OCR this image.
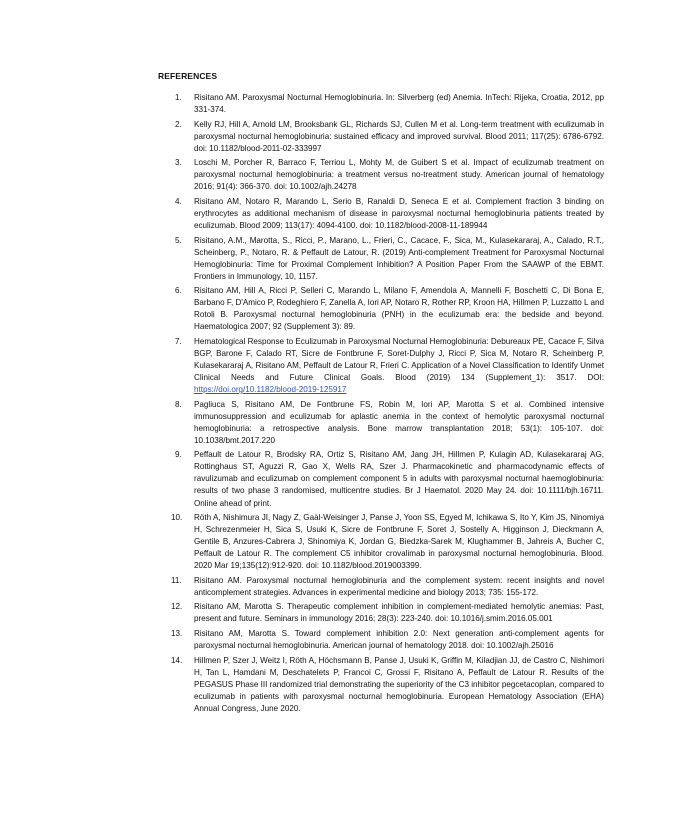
REFERENCES
1.	Risitano AM. Paroxysmal Nocturnal Hemoglobinuria. In: Silverberg (ed) Anemia. InTech: Rijeka, Croatia, 2012, pp 331-374.
2.	Kelly RJ, Hill A, Arnold LM, Brooksbank GL, Richards SJ, Cullen M et al. Long-term treatment with eculizumab in paroxysmal nocturnal hemoglobinuria: sustained efficacy and improved survival. Blood 2011; 117(25): 6786-6792. doi: 10.1182/blood-2011-02-333997
3.	Loschi M, Porcher R, Barraco F, Terriou L, Mohty M, de Guibert S et al. Impact of eculizumab treatment on paroxysmal nocturnal hemoglobinuria: a treatment versus no-treatment study. American journal of hematology 2016; 91(4): 366-370. doi: 10.1002/ajh.24278
4.	Risitano AM, Notaro R, Marando L, Serio B, Ranaldi D, Seneca E et al. Complement fraction 3 binding on erythrocytes as additional mechanism of disease in paroxysmal nocturnal hemoglobinuria patients treated by eculizumab. Blood 2009; 113(17): 4094-4100. doi: 10.1182/blood-2008-11-189944
5.	Risitano, A.M., Marotta, S., Ricci, P., Marano, L., Frieri, C., Cacace, F., Sica, M., Kulasekararaj, A., Calado, R.T., Scheinberg, P., Notaro, R. & Peffault de Latour, R. (2019) Anti-complement Treatment for Paroxysmal Nocturnal Hemoglobinuria: Time for Proximal Complement Inhibition? A Position Paper From the SAAWP of the EBMT. Frontiers in Immunology, 10, 1157.
6.	Risitano AM, Hill A, Ricci P, Selleri C, Marando L, Milano F, Amendola A, Mannelli F, Boschetti C, Di Bona E, Barbano F, D'Amico P, Rodeghiero F, Zanella A, Iori AP, Notaro R, Rother RP, Kroon HA, Hillmen P, Luzzatto L and Rotoli B. Paroxysmal nocturnal hemoglobinuria (PNH) in the eculizumab era: the bedside and beyond. Haematologica 2007; 92 (Supplement 3): 89.
7.	Hematological Response to Eculizumab in Paroxysmal Nocturnal Hemoglobinuria: Debureaux PE, Cacace F, Silva BGP, Barone F, Calado RT, Sicre de Fontbrune F, Soret-Dulphy J, Ricci P, Sica M, Notaro R, Scheinberg P, Kulasekararaj A, Risitano AM, Peffault de Latour R, Frieri C. Application of a Novel Classification to Identify Unmet Clinical Needs and Future Clinical Goals. Blood (2019) 134 (Supplement_1): 3517. DOI: https://doi.org/10.1182/blood-2019-125917
8.	Pagliuca S, Risitano AM, De Fontbrune FS, Robin M, Iori AP, Marotta S et al. Combined intensive immunosuppression and eculizumab for aplastic anemia in the context of hemolytic paroxysmal nocturnal hemoglobinuria: a retrospective analysis. Bone marrow transplantation 2018; 53(1): 105-107. doi: 10.1038/bmt.2017.220
9.	Peffault de Latour R, Brodsky RA, Ortiz S, Risitano AM, Jang JH, Hillmen P, Kulagin AD, Kulasekararaj AG, Rottinghaus ST, Aguzzi R, Gao X, Wells RA, Szer J. Pharmacokinetic and pharmacodynamic effects of ravulizumab and eculizumab on complement component 5 in adults with paroxysmal nocturnal haemoglobinuria: results of two phase 3 randomised, multicentre studies. Br J Haematol. 2020 May 24. doi: 10.1111/bjh.16711. Online ahead of print.
10.	Röth A, Nishimura JI, Nagy Z, Gaàl-Weisinger J, Panse J, Yoon SS, Egyed M, Ichikawa S, Ito Y, Kim JS, Ninomiya H, Schrezenmeier H, Sica S, Usuki K, Sicre de Fontbrune F, Soret J, Sostelly A, Higginson J, Dieckmann A, Gentile B, Anzures-Cabrera J, Shinomiya K, Jordan G, Biedzka-Sarek M, Klughammer B, Jahreis A, Bucher C, Peffault de Latour R. The complement C5 inhibitor crovalimab in paroxysmal nocturnal hemoglobinuria. Blood. 2020 Mar 19;135(12):912-920. doi: 10.1182/blood.2019003399.
11.	Risitano AM. Paroxysmal nocturnal hemoglobinuria and the complement system: recent insights and novel anticomplement strategies. Advances in experimental medicine and biology 2013; 735: 155-172.
12.	Risitano AM, Marotta S. Therapeutic complement inhibition in complement-mediated hemolytic anemias: Past, present and future. Seminars in immunology 2016; 28(3): 223-240. doi: 10.1016/j.smim.2016.05.001
13.	Risitano AM, Marotta S. Toward complement inhibition 2.0: Next generation anti-complement agents for paroxysmal nocturnal hemoglobinuria. American journal of hematology 2018. doi: 10.1002/ajh.25016
14.	Hillmen P, Szer J, Weitz I, Röth A, Höchsmann B, Panse J, Usuki K, Griffin M, Kiladjian JJ, de Castro C, Nishimori H, Tan L, Hamdani M, Deschatelets P, Francoi C, Grossi F, Risitano A, Peffault de Latour R. Results of the PEGASUS Phase III randomized trial demonstrating the superiority of the C3 inhibitor pegcetacoplan, compared to eculizumab in patients with paroxysmal nocturnal hemoglobinuria. European Hematology Association (EHA) Annual Congress, June 2020.
